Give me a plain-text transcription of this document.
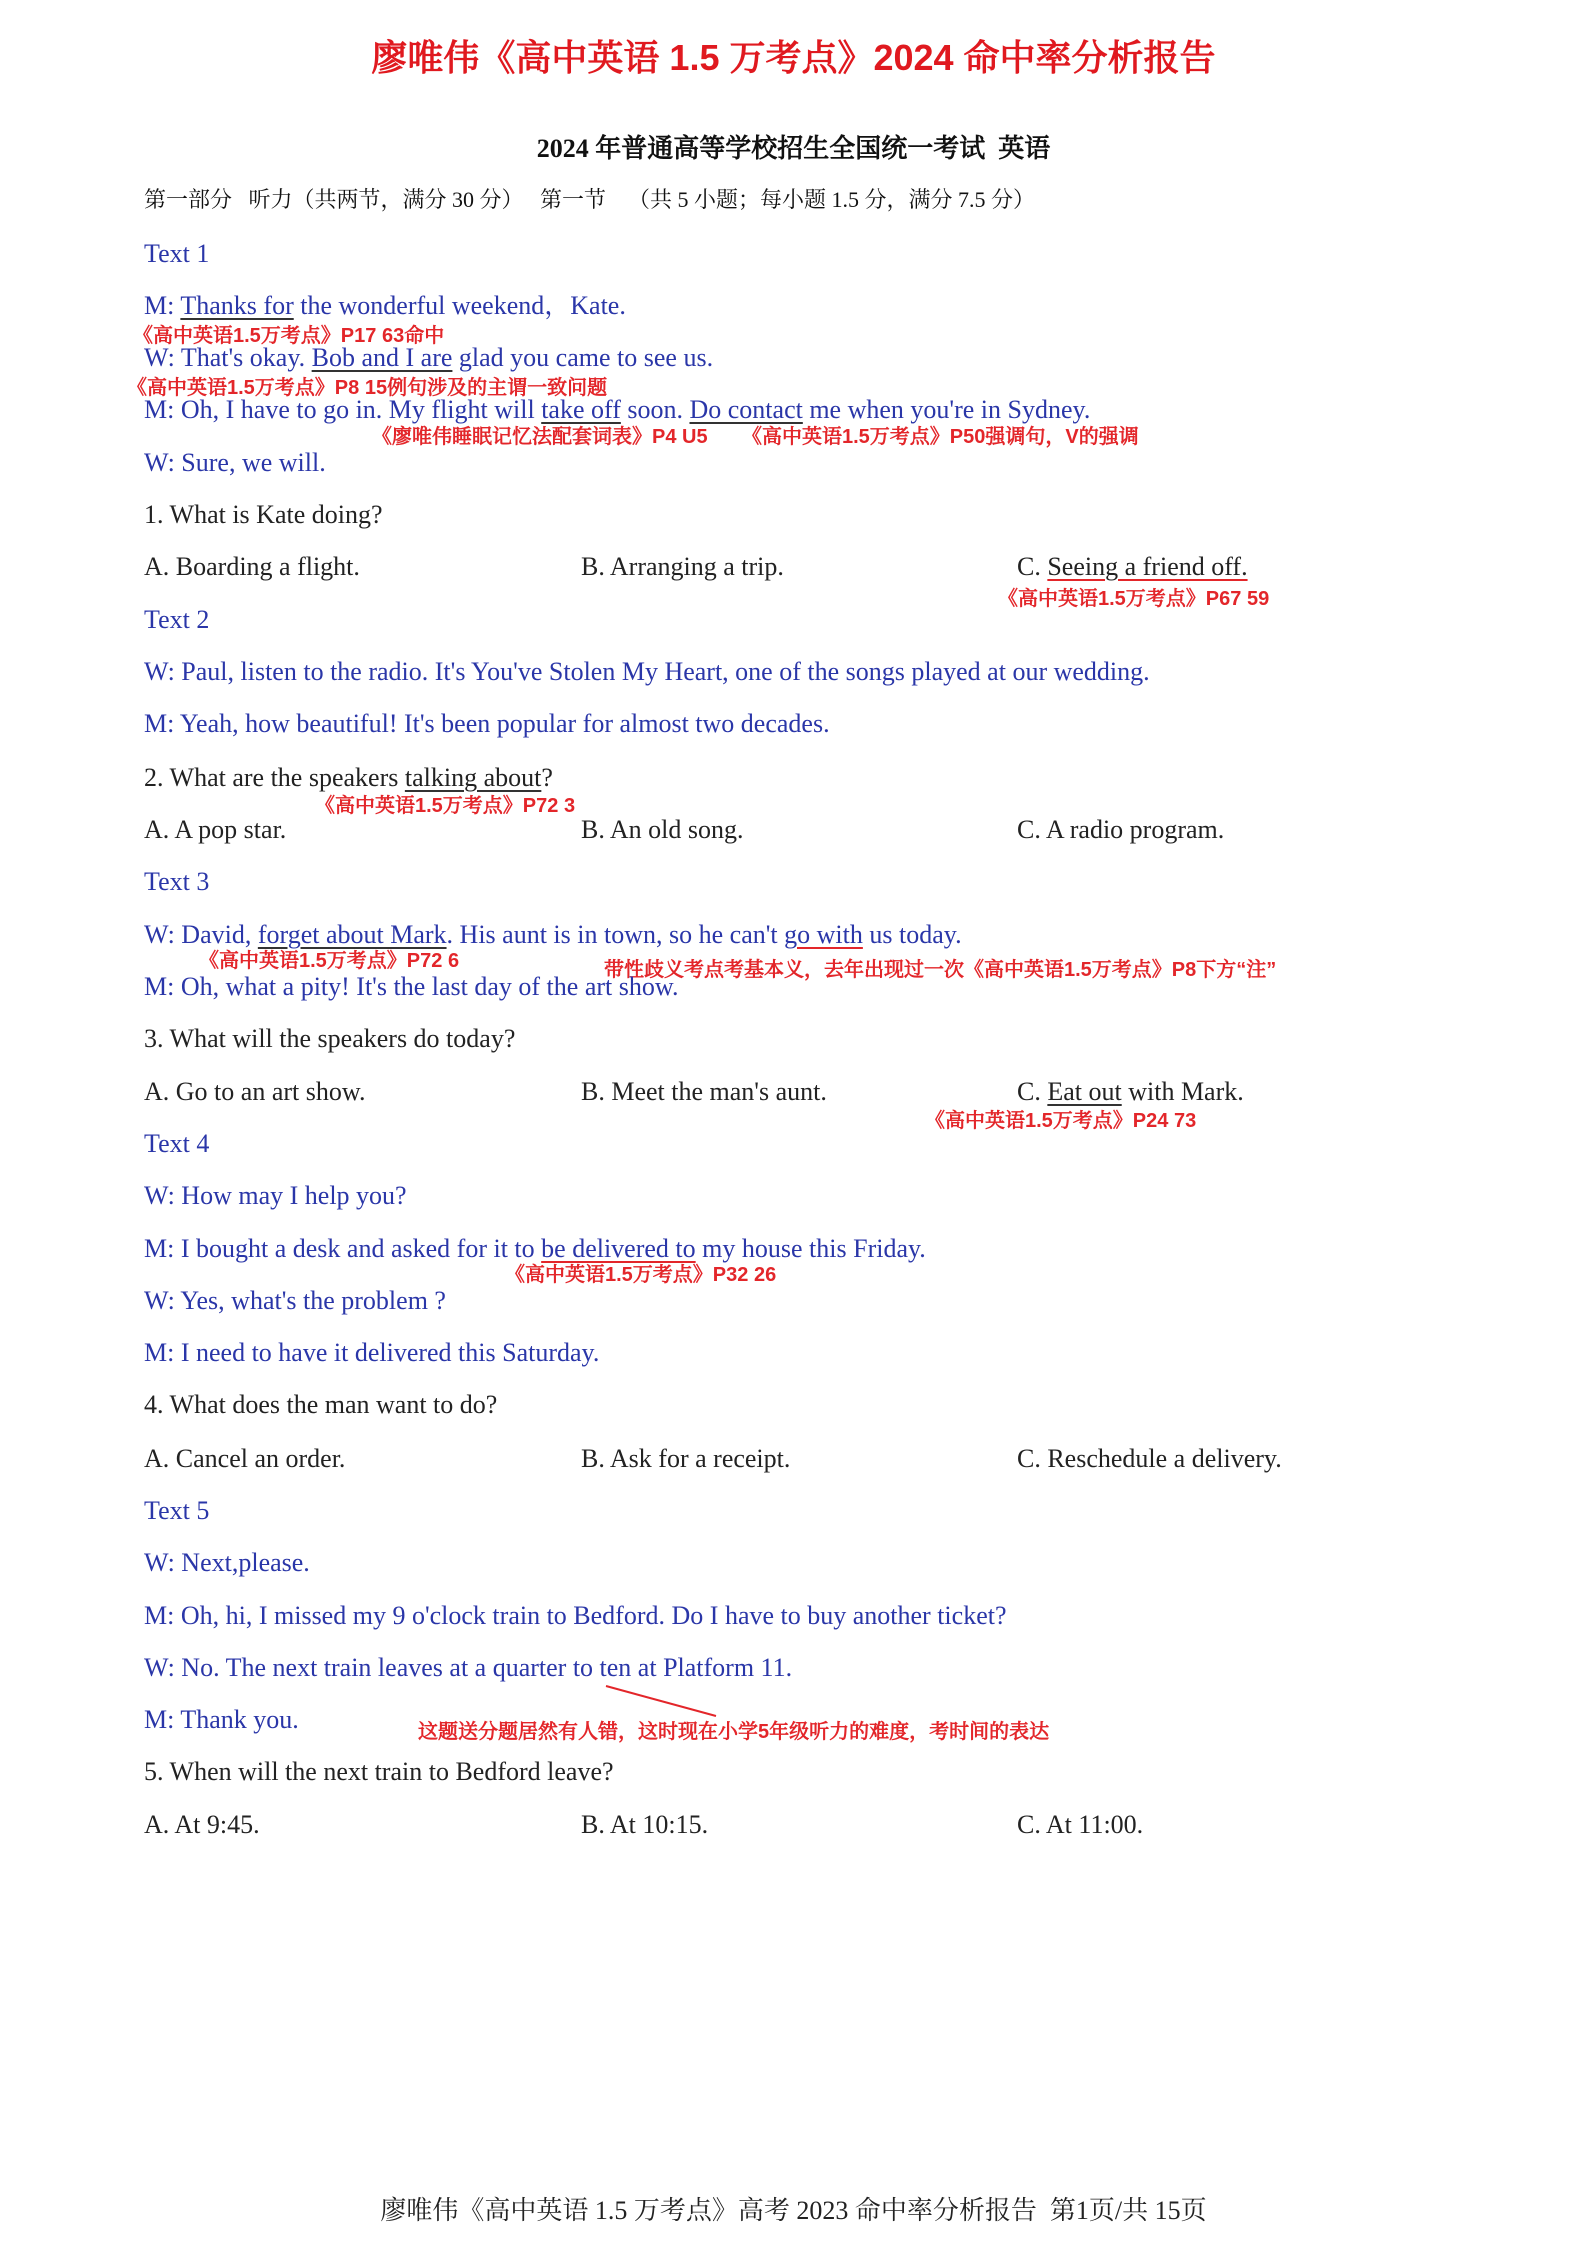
廖唯伟《高中英语 1.5 万考点》2024 命中率分析报告
2024 年普通高等学校招生全国统一考试  英语
第一部分   听力（共两节，满分 30 分）   第一节    （共 5 小题；每小题 1.5 分，满分 7.5 分）
Text 1
M: Thanks for the wonderful weekend，Kate.
《高中英语1.5万考点》P17 63命中
W: That's okay. Bob and I are glad you came to see us.
《高中英语1.5万考点》P8 15例句涉及的主谓一致问题
M: Oh, I have to go in. My flight will take off soon. Do contact me when you're in Sydney.
《廖唯伟睡眠记忆法配套词表》P4 U5 《高中英语1.5万考点》P50强调句，V的强调
W: Sure, we will.
1. What is Kate doing?

A. Boarding a flight.

	B. Arranging a trip.

	C. Seeing a friend off.

《高中英语1.5万考点》P67 59
Text 2
W: Paul, listen to the radio. It's You've Stolen My Heart, one of the songs played at our wedding.
M: Yeah, how beautiful! It's been popular for almost two decades.
2. What are the speakers talking about?
《高中英语1.5万考点》P72 3

A. A pop star.

	B. An old song.

	C. A radio program.

Text 3
W: David, forget about Mark. His aunt is in town, so he can't go with us today.
《高中英语1.5万考点》P72 6	带性歧义考点考基本义，去年出现过一次《高中英语1.5万考点》P8下方“注”
M: Oh, what a pity! It's the last day of the art show.
3. What will the speakers do today?

A. Go to an art show.

	B. Meet the man's aunt.

	C. Eat out with Mark.

《高中英语1.5万考点》P24 73
Text 4
W: How may I help you?
M: I bought a desk and asked for it to be delivered to my house this Friday.
《高中英语1.5万考点》P32 26
W: Yes, what's the problem ?
M: I need to have it delivered this Saturday.
4. What does the man want to do?

A. Cancel an order.

	B. Ask for a receipt.

	C. Reschedule a delivery.

Text 5
W: Next,please.
M: Oh, hi, I missed my 9 o'clock train to Bedford. Do I have to buy another ticket?
W: No. The next train leaves at a quarter to ten at Platform 11.
M: Thank you.	这题送分题居然有人错，这时现在小学5年级听力的难度，考时间的表达
5. When will the next train to Bedford leave?

A. At 9:45.

	B. At 10:15.

	C. At 11:00.

廖唯伟《高中英语 1.5 万考点》高考 2023 命中率分析报告  第1页/共 15页
